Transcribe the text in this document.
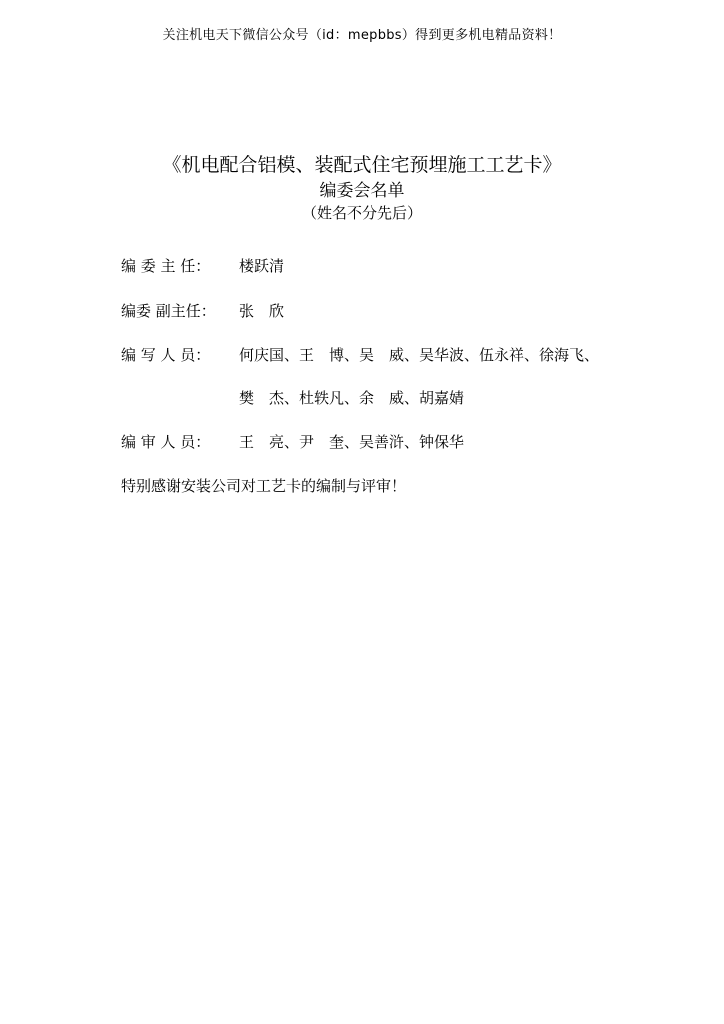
关注机电天下微信公众号（id：mepbbs）得到更多机电精品资料！
《机电配合铝模、装配式住宅预埋施工工艺卡》
编委会名单
（姓名不分先后）
编 委 主 任： 楼跃清
编委 副主任： 张　欣
编 写 人 员： 何庆国、王　博、吴　威、吴华波、伍永祥、徐海飞、
樊　杰、杜轶凡、余　威、胡嘉婧
编 审 人 员： 王　亮、尹　奎、吴善浒、钟保华
特别感谢安装公司对工艺卡的编制与评审！
